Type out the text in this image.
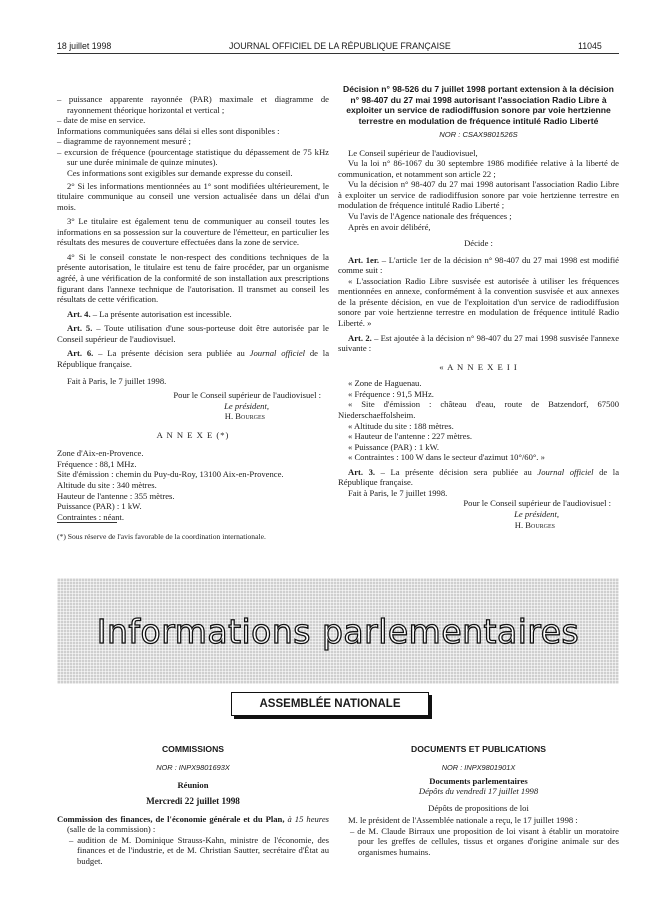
18 juillet 1998	JOURNAL OFFICIEL DE LA RÉPUBLIQUE FRANÇAISE	11045

– puissance apparente rayonnée (PAR) maximale et diagramme de rayonnement théorique horizontal et vertical ;

– date de mise en service.

Informations communiquées sans délai si elles sont disponibles :

– diagramme de rayonnement mesuré ;

– excursion de fréquence (pourcentage statistique du dépassement de 75 kHz sur une durée minimale de quinze minutes).

Ces informations sont exigibles sur demande expresse du conseil.

2° Si les informations mentionnées au 1° sont modifiées ultérieurement, le titulaire communique au conseil une version actualisée dans un délai d'un mois.

3° Le titulaire est également tenu de communiquer au conseil toutes les informations en sa possession sur la couverture de l'émetteur, en particulier les résultats des mesures de couverture effectuées dans la zone de service.

4° Si le conseil constate le non-respect des conditions techniques de la présente autorisation, le titulaire est tenu de faire procéder, par un organisme agréé, à une vérification de la conformité de son installation aux prescriptions figurant dans l'annexe technique de l'autorisation. Il transmet au conseil les résultats de cette vérification.

Art. 4. – La présente autorisation est incessible.

Art. 5. – Toute utilisation d'une sous-porteuse doit être autorisée par le Conseil supérieur de l'audiovisuel.

Art. 6. – La présente décision sera publiée au Journal officiel de la République française.

Fait à Paris, le 7 juillet 1998.

Pour le Conseil supérieur de l'audiovisuel :

Le président,

H. Bourges

A N N E X E (*)

Zone d'Aix-en-Provence.

Fréquence : 88,1 MHz.

Site d'émission : chemin du Puy-du-Roy, 13100 Aix-en-Provence.

Altitude du site : 340 mètres.

Hauteur de l'antenne : 355 mètres.

Puissance (PAR) : 1 kW.

Contraintes : néant.

(*) Sous réserve de l'avis favorable de la coordination internationale.

Décision n° 98-526 du 7 juillet 1998 portant extension à la décision n° 98-407 du 27 mai 1998 autorisant l'association Radio Libre à exploiter un service de radiodiffusion sonore par voie hertzienne terrestre en modulation de fréquence intitulé Radio Liberté

NOR : CSAX9801526S

Le Conseil supérieur de l'audiovisuel,

Vu la loi n° 86-1067 du 30 septembre 1986 modifiée relative à la liberté de communication, et notamment son article 22 ;

Vu la décision n° 98-407 du 27 mai 1998 autorisant l'association Radio Libre à exploiter un service de radiodiffusion sonore par voie hertzienne terrestre en modulation de fréquence intitulé Radio Liberté ;

Vu l'avis de l'Agence nationale des fréquences ;

Après en avoir délibéré,

Décide :

Art. 1er. – L'article 1er de la décision n° 98-407 du 27 mai 1998 est modifié comme suit :

« L'association Radio Libre susvisée est autorisée à utiliser les fréquences mentionnées en annexe, conformément à la convention susvisée et aux annexes de la présente décision, en vue de l'exploitation d'un service de radiodiffusion sonore par voie hertzienne terrestre en modulation de fréquence intitulé Radio Liberté. »

Art. 2. – Est ajoutée à la décision n° 98-407 du 27 mai 1998 susvisée l'annexe suivante :

« A N N E X E I I

« Zone de Haguenau.

« Fréquence : 91,5 MHz.

« Site d'émission : château d'eau, route de Batzendorf, 67500 Niederschaeffolsheim.

« Altitude du site : 188 mètres.

« Hauteur de l'antenne : 227 mètres.

« Puissance (PAR) : 1 kW.

« Contraintes : 100 W dans le secteur d'azimut 10°/60°. »

Art. 3. – La présente décision sera publiée au Journal officiel de la République française.

Fait à Paris, le 7 juillet 1998.

Pour le Conseil supérieur de l'audiovisuel :

Le président,

H. Bourges

Informations parlementaires
ASSEMBLÉE NATIONALE

COMMISSIONS

NOR : INPX9801693X

Réunion

Mercredi 22 juillet 1998

Commission des finances, de l'économie générale et du Plan, à 15 heures (salle de la commission) :

– audition de M. Dominique Strauss-Kahn, ministre de l'économie, des finances et de l'industrie, et de M. Christian Sautter, secrétaire d'État au budget.

DOCUMENTS ET PUBLICATIONS

NOR : INPX9801901X

Documents parlementaires

Dépôts du vendredi 17 juillet 1998

Dépôts de propositions de loi

M. le président de l'Assemblée nationale a reçu, le 17 juillet 1998 :

– de M. Claude Birraux une proposition de loi visant à établir un moratoire pour les greffes de cellules, tissus et organes d'origine animale sur des organismes humains.
